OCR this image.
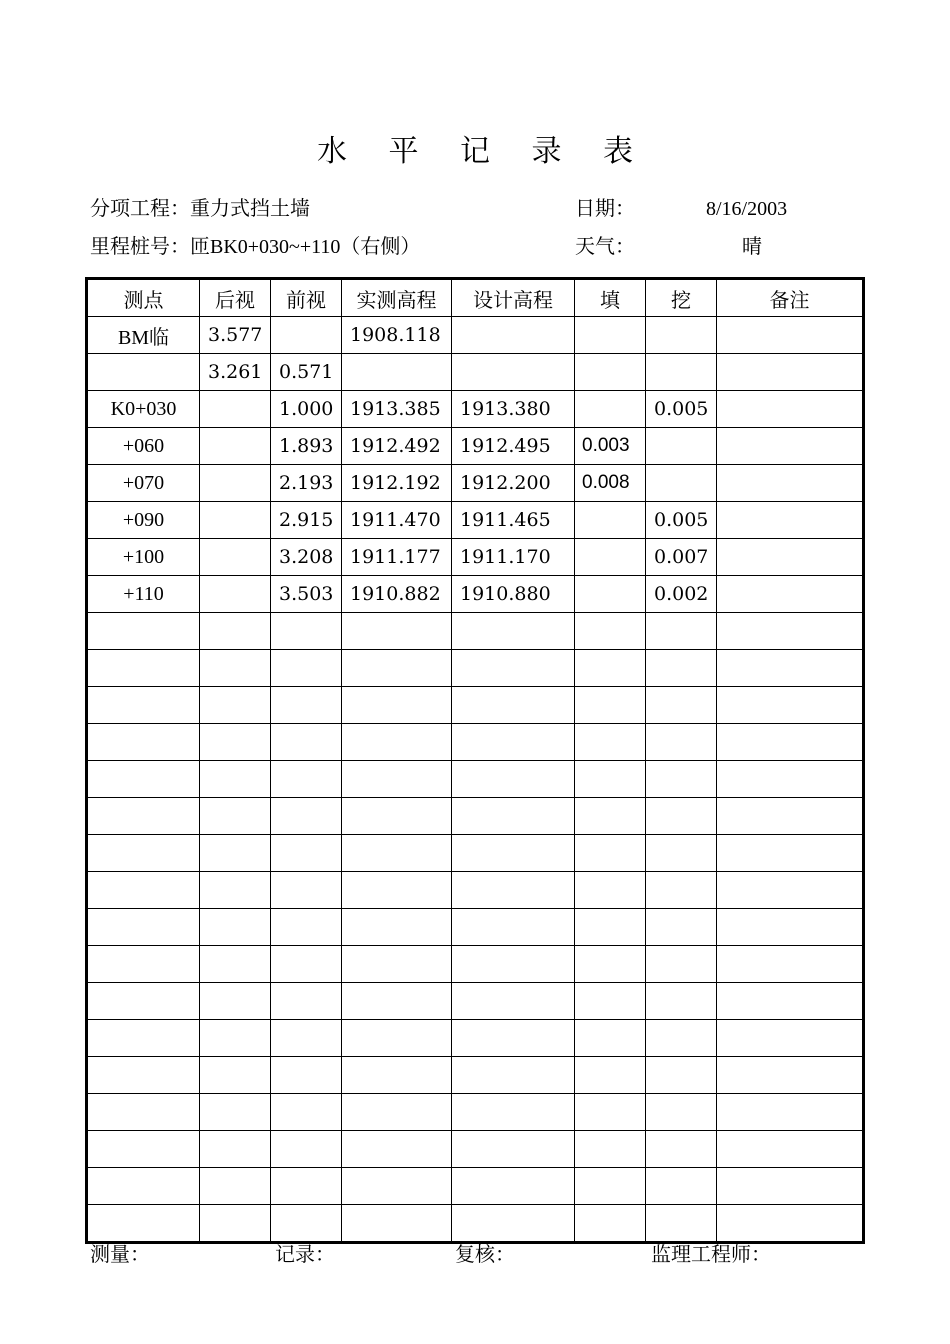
水 平 记 录 表
分项工程：重力式挡土墙	日期：	8/16/2003
里程桩号：匝BK0+030~+110（右侧）	天气：	晴
测点	后视	前视	实测高程	设计高程	填	挖	备注
BM临	3.577		1908.118				
	3.261	0.571					
K0+030		1.000	1913.385	1913.380		0.005	
+060		1.893	1912.492	1912.495	0.003		
+070		2.193	1912.192	1912.200	0.008		
+090		2.915	1911.470	1911.465		0.005	
+100		3.208	1911.177	1911.170		0.007	
+110		3.503	1910.882	1910.880		0.002	

测量：	记录：	复核：	监理工程师：
